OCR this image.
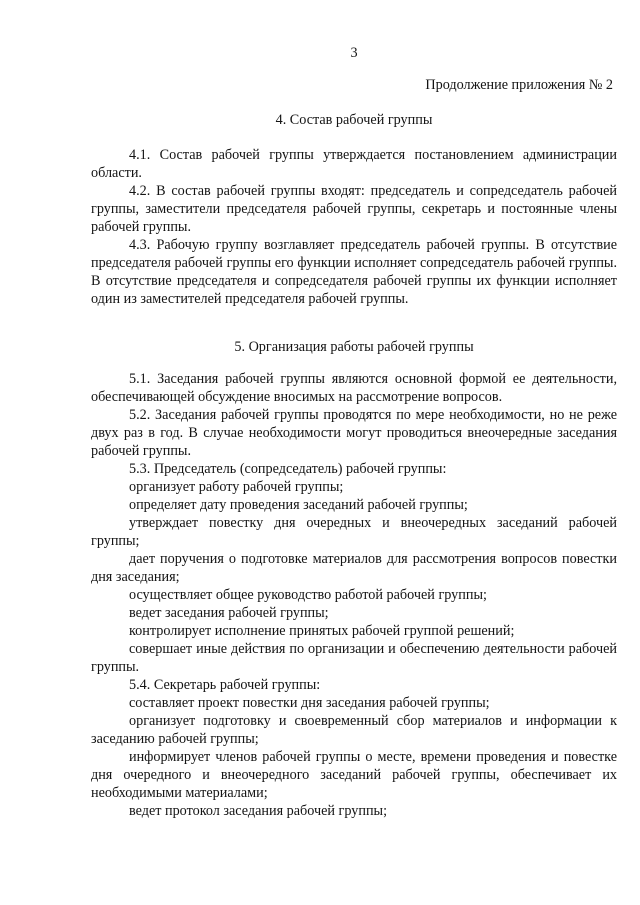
3
Продолжение приложения № 2
4. Состав рабочей группы

4.1. Состав рабочей группы утверждается постановлением администрации области.

4.2. В состав рабочей группы входят: председатель и сопредседатель рабочей группы, заместители председателя рабочей группы, секретарь и постоянные члены рабочей группы.

4.3. Рабочую группу возглавляет председатель рабочей группы. В отсутствие председателя рабочей группы его функции исполняет сопредседатель рабочей группы. В отсутствие председателя и сопредседателя рабочей группы их функции исполняет один из заместителей председателя рабочей группы.

5. Организация работы рабочей группы

5.1. Заседания рабочей группы являются основной формой ее деятельности, обеспечивающей обсуждение вносимых на рассмотрение вопросов.

5.2. Заседания рабочей группы проводятся по мере необходимости, но не реже двух раз в год. В случае необходимости могут проводиться внеочередные заседания рабочей группы.

5.3. Председатель (сопредседатель) рабочей группы:

организует работу рабочей группы;

определяет дату проведения заседаний рабочей группы;

утверждает повестку дня очередных и внеочередных заседаний рабочей группы;

дает поручения о подготовке материалов для рассмотрения вопросов повестки дня заседания;

осуществляет общее руководство работой рабочей группы;

ведет заседания рабочей группы;

контролирует исполнение принятых рабочей группой решений;

совершает иные действия по организации и обеспечению деятельности рабочей группы.

5.4. Секретарь рабочей группы:

составляет проект повестки дня заседания рабочей группы;

организует подготовку и своевременный сбор материалов и информации к заседанию рабочей группы;

информирует членов рабочей группы о месте, времени проведения и повестке дня очередного и внеочередного заседаний рабочей группы, обеспечивает их необходимыми материалами;

ведет протокол заседания рабочей группы;
